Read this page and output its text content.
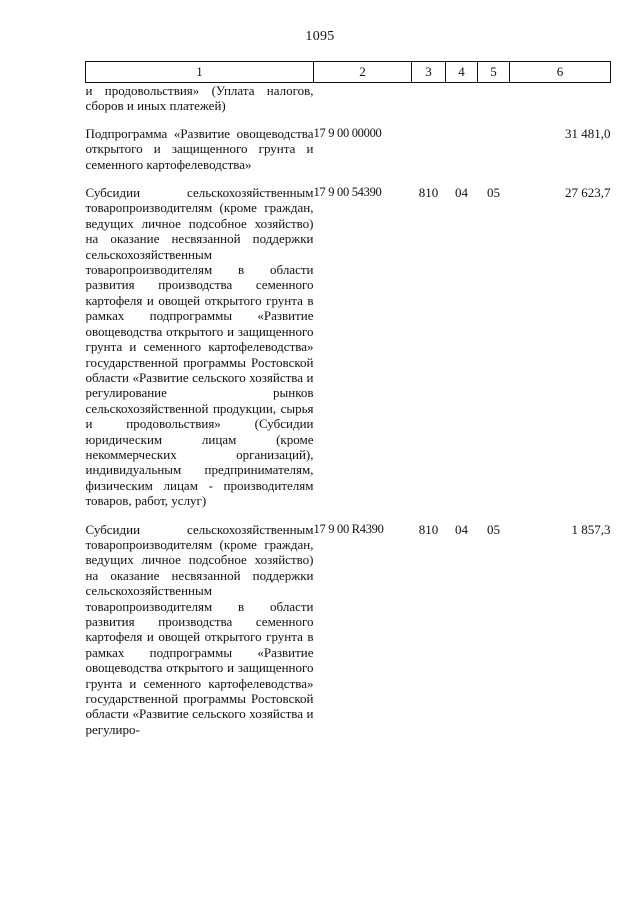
1095
1	2	3	4	5	6
и продовольствия» (Уплата налогов, сборов и иных платежей)					
Подпрограмма «Развитие овощеводства открытого и защищенного грунта и семенного картофелеводства»	17 9 00 00000				31 481,0
Субсидии сельскохозяйственным товаропроизводителям (кроме граждан, ведущих личное подсобное хозяйство) на оказание несвязанной поддержки сельскохозяйственным товаропроизводителям в области развития производства семенного картофеля и овощей открытого грунта в рамках подпрограммы «Развитие овощеводства открытого и защищенного грунта и семенного картофелеводства» государственной программы Ростовской области «Развитие сельского хозяйства и регулирование рынков сельскохозяйственной продукции, сырья и продовольствия» (Субсидии юридическим лицам (кроме некоммерческих организаций), индивидуальным предпринимателям, физическим лицам - производителям товаров, работ, услуг)	17 9 00 54390	810	04	05	27 623,7
Субсидии сельскохозяйственным товаропроизводителям (кроме граждан, ведущих личное подсобное хозяйство) на оказание несвязанной поддержки сельскохозяйственным товаропроизводителям в области развития производства семенного картофеля и овощей открытого грунта в рамках подпрограммы «Развитие овощеводства открытого и защищенного грунта и семенного картофелеводства» государственной программы Ростовской области «Развитие сельского хозяйства и регулиро-	17 9 00 R4390	810	04	05	1 857,3
